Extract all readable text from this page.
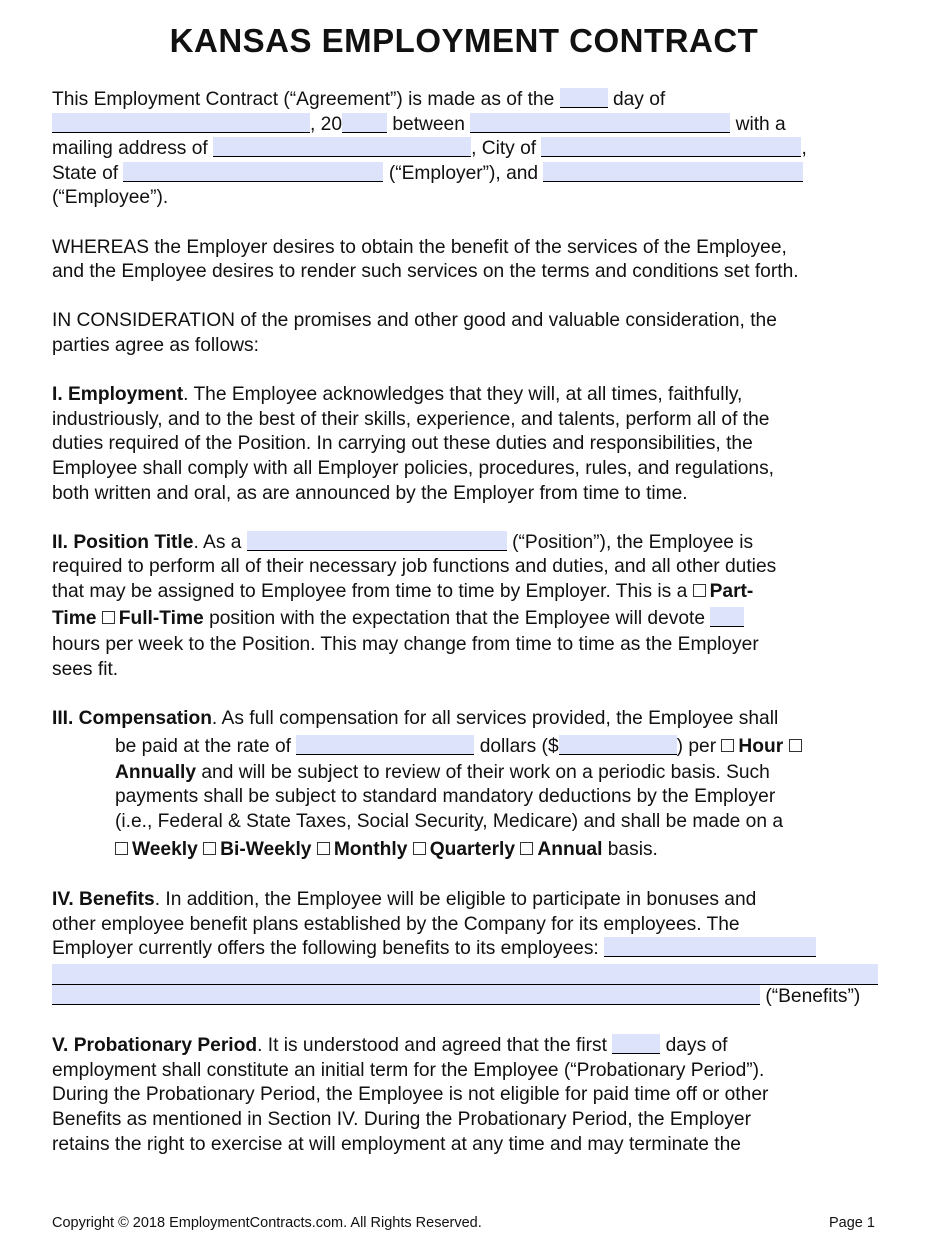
KANSAS EMPLOYMENT CONTRACT
This Employment Contract (“Agreement”) is made as of the	day of
, 20	between	with a
mailing address of	, City of	,
State of	(“Employer”), and
(“Employee”).
WHEREAS the Employer desires to obtain the benefit of the services of the Employee,
and the Employee desires to render such services on the terms and conditions set forth.
IN CONSIDERATION of the promises and other good and valuable consideration, the
parties agree as follows:
I. Employment. The Employee acknowledges that they will, at all times, faithfully,
industriously, and to the best of their skills, experience, and talents, perform all of the
duties required of the Position. In carrying out these duties and responsibilities, the
Employee shall comply with all Employer policies, procedures, rules, and regulations,
both written and oral, as are announced by the Employer from time to time.
II. Position Title. As a	(“Position”), the Employee is
required to perform all of their necessary job functions and duties, and all other duties
that may be assigned to Employee from time to time by Employer. This is a Part-
Time Full-Time position with the expectation that the Employee will devote
hours per week to the Position. This may change from time to time as the Employer
sees fit.
III. Compensation. As full compensation for all services provided, the Employee shall
be paid at the rate of	dollars ($	) per Hour
Annually and will be subject to review of their work on a periodic basis. Such
payments shall be subject to standard mandatory deductions by the Employer
(i.e., Federal & State Taxes, Social Security, Medicare) and shall be made on a
Weekly Bi-Weekly Monthly Quarterly Annual basis.
IV. Benefits. In addition, the Employee will be eligible to participate in bonuses and
other employee benefit plans established by the Company for its employees. The
Employer currently offers the following benefits to its employees:
(“Benefits”)
V. Probationary Period. It is understood and agreed that the first	days of
employment shall constitute an initial term for the Employee (“Probationary Period”).
During the Probationary Period, the Employee is not eligible for paid time off or other
Benefits as mentioned in Section IV. During the Probationary Period, the Employer
retains the right to exercise at will employment at any time and may terminate the
Copyright © 2018 EmploymentContracts.com. All Rights Reserved.	Page 1
